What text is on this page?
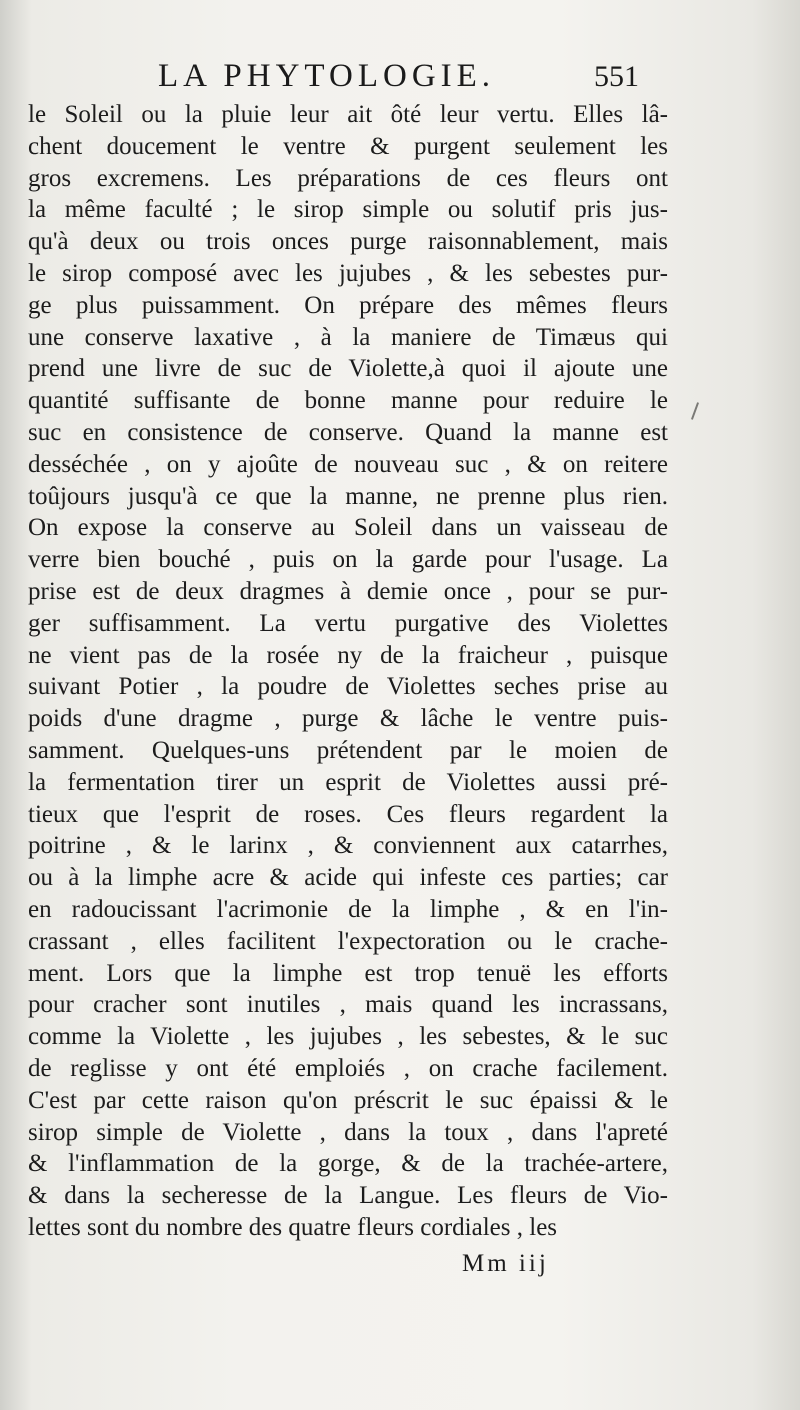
LA PHYTOLOGIE.	551
le Soleil ou la pluie leur ait ôté leur vertu. Elles lâ-
chent doucement le ventre & purgent seulement les
gros excremens. Les préparations de ces fleurs ont
la même faculté ; le sirop simple ou solutif pris jus-
qu'à deux ou trois onces purge raisonnablement, mais
le sirop composé avec les jujubes , & les sebestes pur-
ge plus puissamment. On prépare des mêmes fleurs
une conserve laxative , à la maniere de Timæus qui
prend une livre de suc de Violette,à quoi il ajoute une
quantité suffisante de bonne manne pour reduire le
suc en consistence de conserve. Quand la manne est
desséchée , on y ajoûte de nouveau suc , & on reitere
toûjours jusqu'à ce que la manne, ne prenne plus rien.
On expose la conserve au Soleil dans un vaisseau de
verre bien bouché , puis on la garde pour l'usage. La
prise est de deux dragmes à demie once , pour se pur-
ger suffisamment. La vertu purgative des Violettes
ne vient pas de la rosée ny de la fraicheur , puisque
suivant Potier , la poudre de Violettes seches prise au
poids d'une dragme , purge & lâche le ventre puis-
samment. Quelques-uns prétendent par le moien de
la fermentation tirer un esprit de Violettes aussi pré-
tieux que l'esprit de roses. Ces fleurs regardent la
poitrine , & le larinx , & conviennent aux catarrhes,
ou à la limphe acre & acide qui infeste ces parties; car
en radoucissant l'acrimonie de la limphe , & en l'in-
crassant , elles facilitent l'expectoration ou le crache-
ment. Lors que la limphe est trop tenuë les efforts
pour cracher sont inutiles , mais quand les incrassans,
comme la Violette , les jujubes , les sebestes, & le suc
de reglisse y ont été emploiés , on crache facilement.
C'est par cette raison qu'on préscrit le suc épaissi & le
sirop simple de Violette , dans la toux , dans l'apreté
& l'inflammation de la gorge, & de la trachée-artere,
& dans la secheresse de la Langue. Les fleurs de Vio-
lettes sont du nombre des quatre fleurs cordiales , les
Mm iij
